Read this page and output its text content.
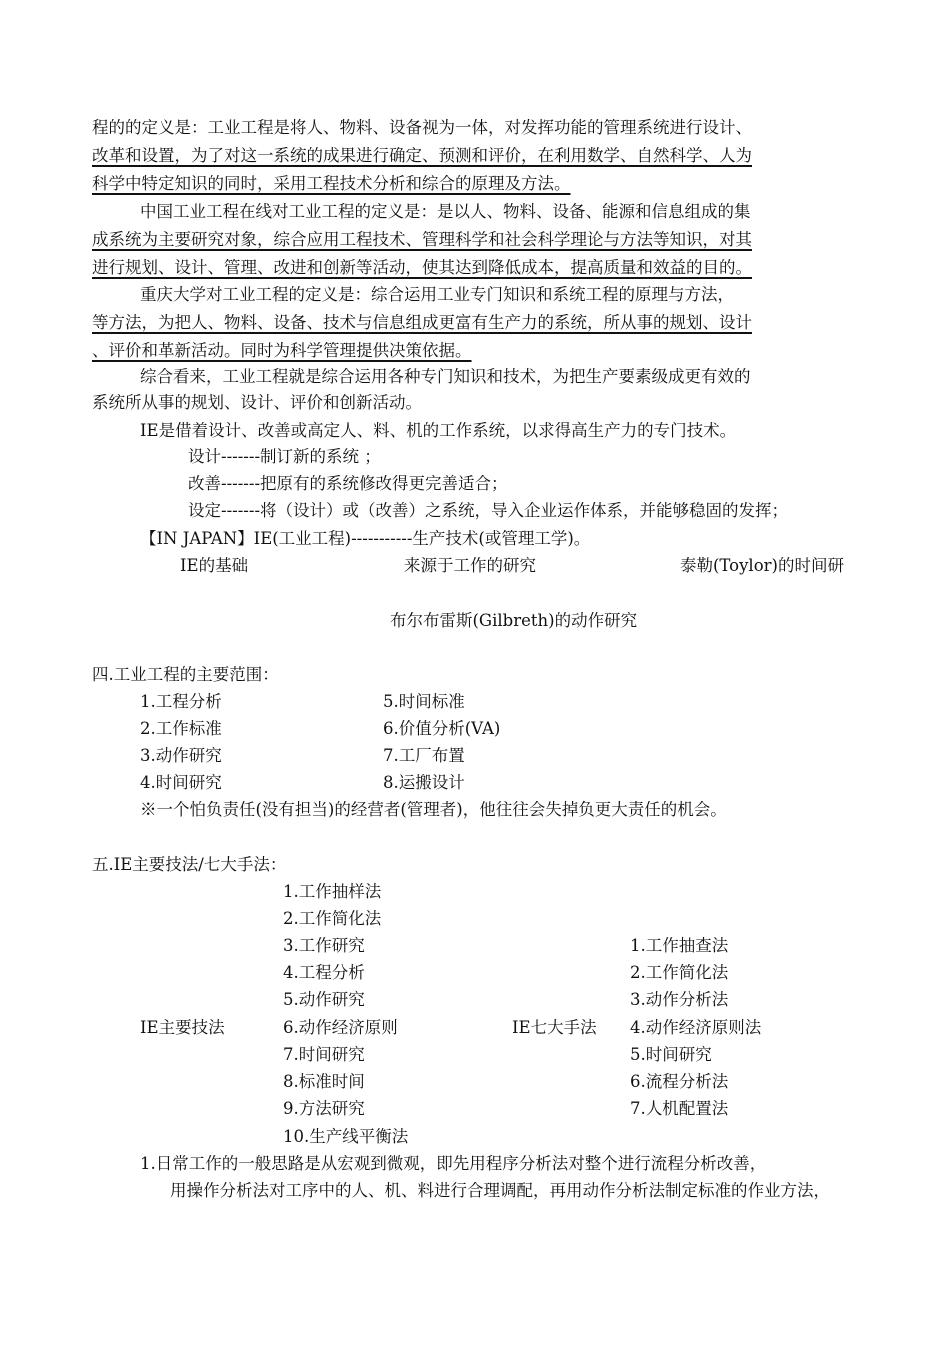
程的的定义是：工业工程是将人、物料、设备视为一体，对发挥功能的管理系统进行设计、
改革和设置，为了对这一系统的成果进行确定、预测和评价，在利用数学、自然科学、人为
科学中特定知识的同时，采用工程技术分析和综合的原理及方法。
中国工业工程在线对工业工程的定义是：是以人、物料、设备、能源和信息组成的集
成系统为主要研究对象，综合应用工程技术、管理科学和社会科学理论与方法等知识，对其
进行规划、设计、管理、改进和创新等活动，使其达到降低成本，提高质量和效益的目的。
重庆大学对工业工程的定义是：综合运用工业专门知识和系统工程的原理与方法，
等方法，为把人、物料、设备、技术与信息组成更富有生产力的系统，所从事的规划、设计
、评价和革新活动。同时为科学管理提供决策依据。
综合看来，工业工程就是综合运用各种专门知识和技术，为把生产要素级成更有效的
系统所从事的规划、设计、评价和创新活动。
IE是借着设计、改善或高定人、料、机的工作系统，以求得高生产力的专门技术。
设计-------制订新的系统 ；
改善-------把原有的系统修改得更完善适合；
设定-------将（设计）或（改善）之系统，导入企业运作体系，并能够稳固的发挥；
【IN JAPAN】IE(工业工程)-----------生产技术(或管理工学)。
IE的基础	来源于工作的研究	泰勒(Toylor)的时间研
布尔布雷斯(Gilbreth)的动作研究
四.工业工程的主要范围：
1.工程分析
2.工作标准
3.动作研究
4.时间研究
5.时间标准
6.价值分析(VA)
7.工厂布置
8.运搬设计
※一个怕负责任(没有担当)的经营者(管理者)，他往往会失掉负更大责任的机会。
五.IE主要技法/七大手法：
IE主要技法
1.工作抽样法
2.工作简化法
3.工作研究
4.工程分析
5.动作研究
6.动作经济原则
7.时间研究
8.标准时间
9.方法研究
10.生产线平衡法
IE七大手法
1.工作抽查法
2.工作简化法
3.动作分析法
4.动作经济原则法
5.时间研究
6.流程分析法
7.人机配置法
1.日常工作的一般思路是从宏观到微观，即先用程序分析法对整个进行流程分析改善，
用操作分析法对工序中的人、机、料进行合理调配，再用动作分析法制定标准的作业方法，
